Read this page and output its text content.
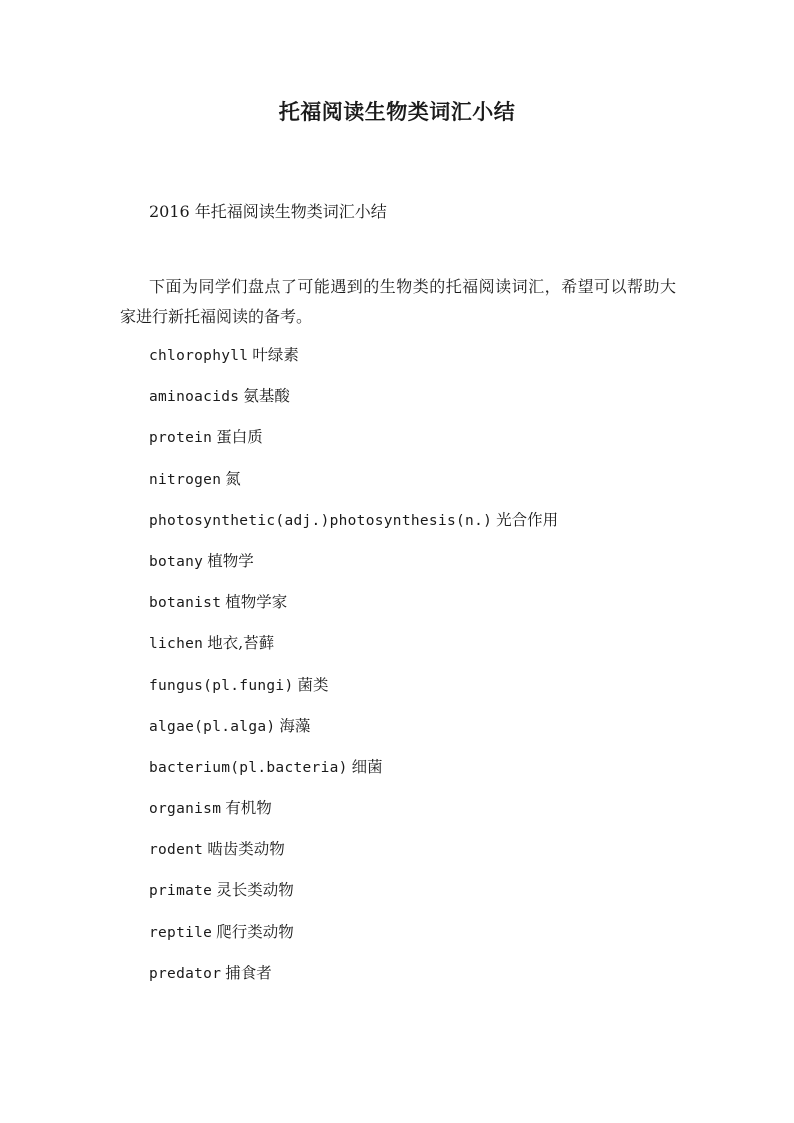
托福阅读生物类词汇小结
2016 年托福阅读生物类词汇小结
下面为同学们盘点了可能遇到的生物类的托福阅读词汇，希望可以帮助大家进行新托福阅读的备考。
chlorophyll 叶绿素
aminoacids 氨基酸
protein 蛋白质
nitrogen 氮
photosynthetic(adj.)photosynthesis(n.) 光合作用
botany 植物学
botanist 植物学家
lichen 地衣,苔藓
fungus(pl.fungi) 菌类
algae(pl.alga) 海藻
bacterium(pl.bacteria) 细菌
organism 有机物
rodent 啮齿类动物
primate 灵长类动物
reptile 爬行类动物
predator 捕食者
